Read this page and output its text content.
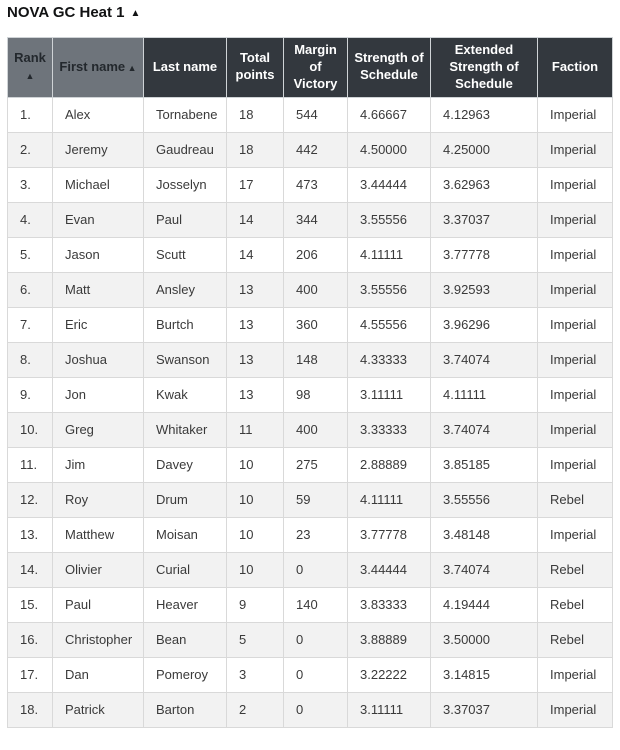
NOVA GC Heat 1 ▲
Rank ▲	First name ▲	Last name	Total points	Margin of Victory	Strength of Schedule	Extended Strength of Schedule	Faction
1.	Alex	Tornabene	18	544	4.66667	4.12963	Imperial
2.	Jeremy	Gaudreau	18	442	4.50000	4.25000	Imperial
3.	Michael	Josselyn	17	473	3.44444	3.62963	Imperial
4.	Evan	Paul	14	344	3.55556	3.37037	Imperial
5.	Jason	Scutt	14	206	4.11111	3.77778	Imperial
6.	Matt	Ansley	13	400	3.55556	3.92593	Imperial
7.	Eric	Burtch	13	360	4.55556	3.96296	Imperial
8.	Joshua	Swanson	13	148	4.33333	3.74074	Imperial
9.	Jon	Kwak	13	98	3.11111	4.11111	Imperial
10.	Greg	Whitaker	11	400	3.33333	3.74074	Imperial
11.	Jim	Davey	10	275	2.88889	3.85185	Imperial
12.	Roy	Drum	10	59	4.11111	3.55556	Rebel
13.	Matthew	Moisan	10	23	3.77778	3.48148	Imperial
14.	Olivier	Curial	10	0	3.44444	3.74074	Rebel
15.	Paul	Heaver	9	140	3.83333	4.19444	Rebel
16.	Christopher	Bean	5	0	3.88889	3.50000	Rebel
17.	Dan	Pomeroy	3	0	3.22222	3.14815	Imperial
18.	Patrick	Barton	2	0	3.11111	3.37037	Imperial
